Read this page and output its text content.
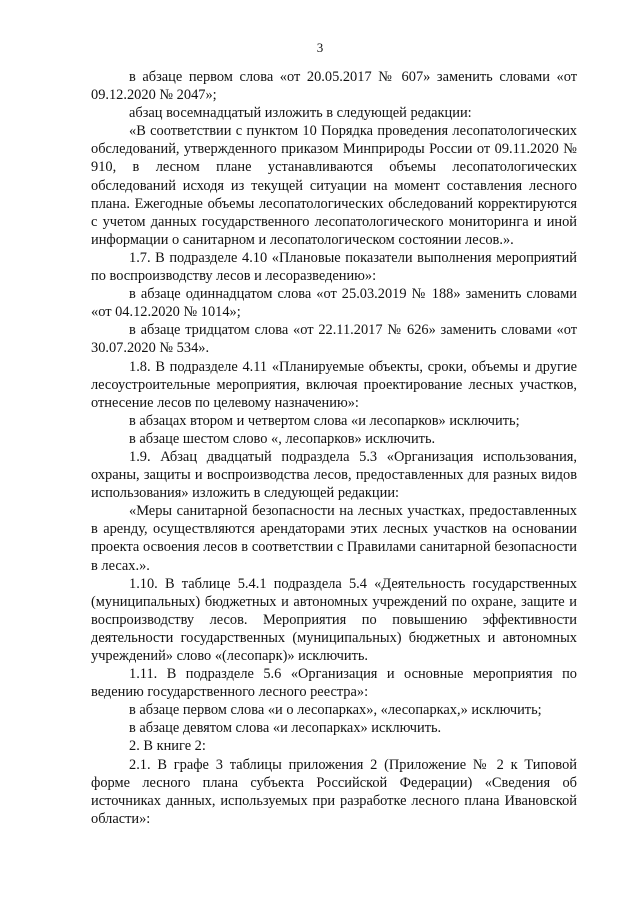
3

в абзаце первом слова «от 20.05.2017 № 607» заменить словами «от 09.12.2020 № 2047»;

абзац восемнадцатый изложить в следующей редакции:

«В соответствии с пунктом 10 Порядка проведения лесопатологических обследований, утвержденного приказом Минприроды России от 09.11.2020 № 910, в лесном плане устанавливаются объемы лесопатологических обследований исходя из текущей ситуации на момент составления лесного плана. Ежегодные объемы лесопатологических обследований корректируются с учетом данных государственного лесопатологического мониторинга и иной информации о санитарном и лесопатологическом состоянии лесов.».

1.7. В подразделе 4.10 «Плановые показатели выполнения мероприятий по воспроизводству лесов и лесоразведению»:

в абзаце одиннадцатом слова «от 25.03.2019 № 188» заменить словами «от 04.12.2020 № 1014»;

в абзаце тридцатом слова «от 22.11.2017 № 626» заменить словами «от 30.07.2020 № 534».

1.8. В подразделе 4.11 «Планируемые объекты, сроки, объемы и другие лесоустроительные мероприятия, включая проектирование лесных участков, отнесение лесов по целевому назначению»:

в абзацах втором и четвертом слова «и лесопарков» исключить;

в абзаце шестом слово «, лесопарков» исключить.

1.9. Абзац двадцатый подраздела 5.3 «Организация использования, охраны, защиты и воспроизводства лесов, предоставленных для разных видов использования» изложить в следующей редакции:

«Меры санитарной безопасности на лесных участках, предоставленных в аренду, осуществляются арендаторами этих лесных участков на основании проекта освоения лесов в соответствии с Правилами санитарной безопасности в лесах.».

1.10. В таблице 5.4.1 подраздела 5.4 «Деятельность государственных (муниципальных) бюджетных и автономных учреждений по охране, защите и воспроизводству лесов. Мероприятия по повышению эффективности деятельности государственных (муниципальных) бюджетных и автономных учреждений» слово «(лесопарк)» исключить.

1.11. В подразделе 5.6 «Организация и основные мероприятия по ведению государственного лесного реестра»:

в абзаце первом слова «и о лесопарках», «лесопарках,» исключить;

в абзаце девятом слова «и лесопарках» исключить.

2. В книге 2:

2.1. В графе 3 таблицы приложения 2 (Приложение № 2 к Типовой форме лесного плана субъекта Российской Федерации) «Сведения об источниках данных, используемых при разработке лесного плана Ивановской области»:
